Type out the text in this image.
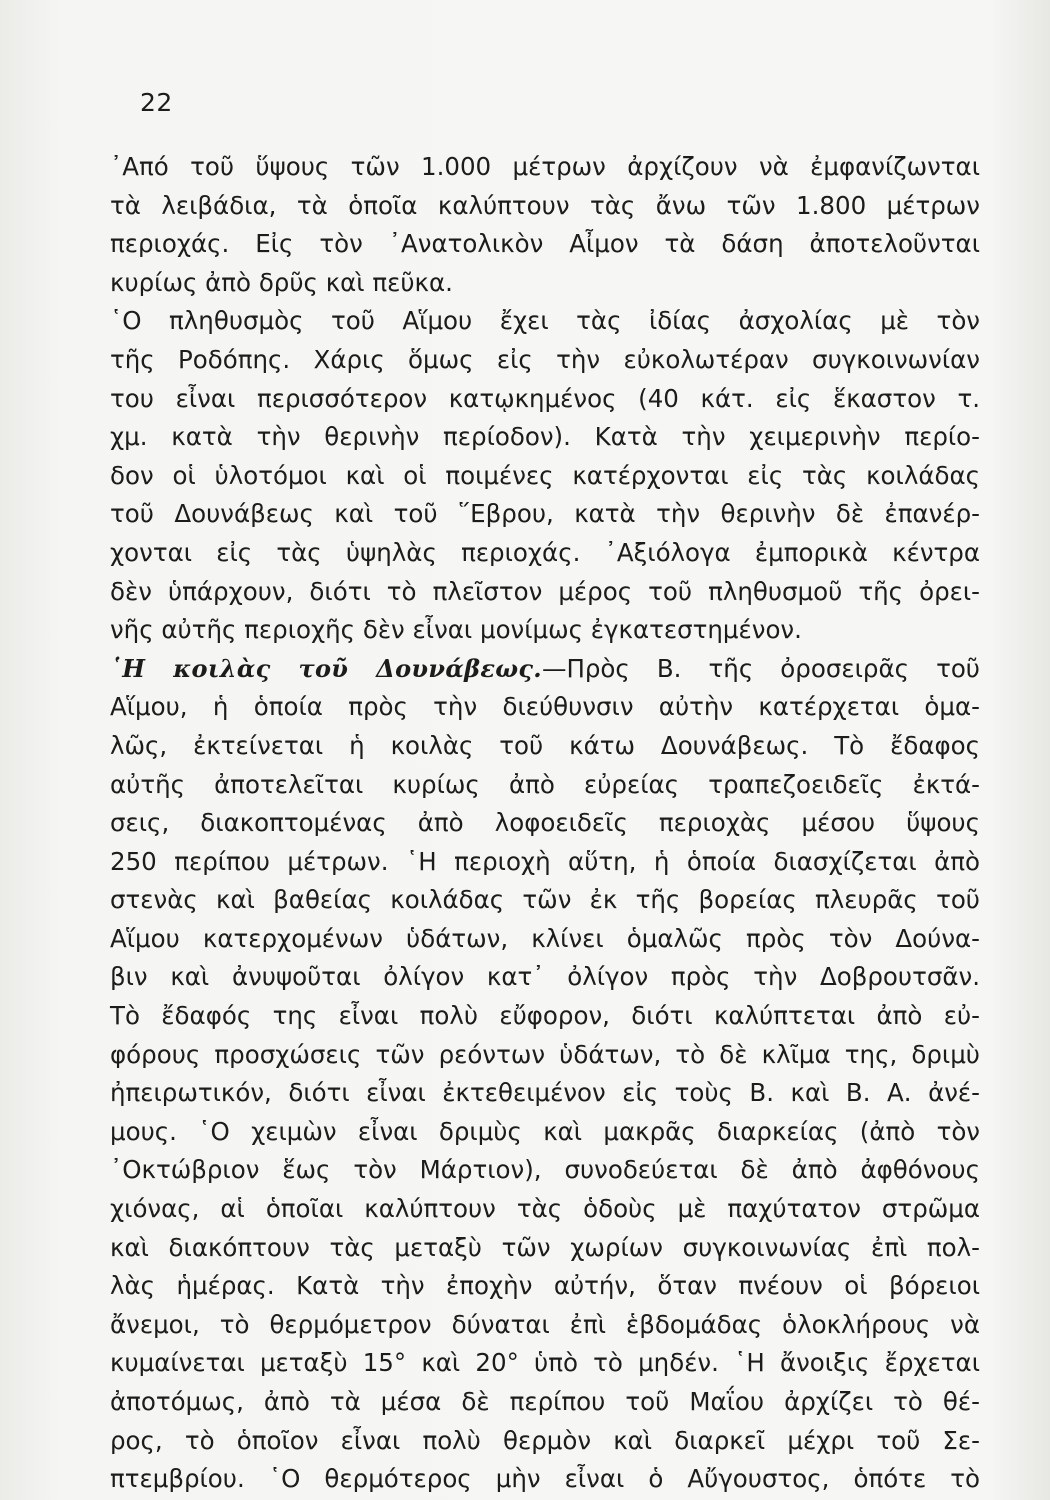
22
᾿Από τοῦ ὕψους τῶν 1.000 μέτρων ἀρχίζουν νὰ ἐμφανίζωνται
τὰ λειβάδια, τὰ ὁποῖα καλύπτουν τὰς ἄνω τῶν 1.800 μέτρων
περιοχάς. Εἰς τὸν ᾿Ανατολικὸν Αἶμον τὰ δάση ἀποτελοῦνται
κυρίως ἀπὸ δρῦς καὶ πεῦκα.
῾Ο πληθυσμὸς τοῦ Αἵμου ἔχει τὰς ἰδίας ἀσχολίας μὲ τὸν
τῆς Ροδόπης. Χάρις ὅμως εἰς τὴν εὐκολωτέραν συγκοινωνίαν
του εἶναι περισσότερον κατῳκημένος (40 κάτ. εἰς ἕκαστον τ.
χμ. κατὰ τὴν θερινὴν περίοδον). Κατὰ τὴν χειμερινὴν περίο-
δον οἱ ὑλοτόμοι καὶ οἱ ποιμένες κατέρχονται εἰς τὰς κοιλάδας
τοῦ Δουνάβεως καὶ τοῦ ῞Εβρου, κατὰ τὴν θερινὴν δὲ ἐπανέρ-
χονται εἰς τὰς ὑψηλὰς περιοχάς. ᾿Αξιόλογα ἐμπορικὰ κέντρα
δὲν ὑπάρχουν, διότι τὸ πλεῖστον μέρος τοῦ πληθυσμοῦ τῆς ὀρει-
νῆς αὐτῆς περιοχῆς δὲν εἶναι μονίμως ἐγκατεστημένον.
῾Η κοιλὰς τοῦ Δουνάβεως.—Πρὸς Β. τῆς ὀροσειρᾶς τοῦ
Αἵμου, ἡ ὁποία πρὸς τὴν διεύθυνσιν αὐτὴν κατέρχεται ὁμα-
λῶς, ἐκτείνεται ἡ κοιλὰς τοῦ κάτω Δουνάβεως. Τὸ ἔδαφος
αὐτῆς ἀποτελεῖται κυρίως ἀπὸ εὐρείας τραπεζοειδεῖς ἐκτά-
σεις, διακοπτομένας ἀπὸ λοφοειδεῖς περιοχὰς μέσου ὕψους
250 περίπου μέτρων. ῾Η περιοχὴ αὕτη, ἡ ὁποία διασχίζεται ἀπὸ
στενὰς καὶ βαθείας κοιλάδας τῶν ἐκ τῆς βορείας πλευρᾶς τοῦ
Αἵμου κατερχομένων ὑδάτων, κλίνει ὁμαλῶς πρὸς τὸν Δούνα-
βιν καὶ ἀνυψοῦται ὀλίγον κατ᾿ ὀλίγον πρὸς τὴν Δοβρουτσᾶν.
Τὸ ἔδαφός της εἶναι πολὺ εὔφορον, διότι καλύπτεται ἀπὸ εὐ-
φόρους προσχώσεις τῶν ρεόντων ὑδάτων, τὸ δὲ κλῖμα της, δριμὺ
ἠπειρωτικόν, διότι εἶναι ἐκτεθειμένον εἰς τοὺς Β. καὶ Β. Α. ἀνέ-
μους. ῾Ο χειμὼν εἶναι δριμὺς καὶ μακρᾶς διαρκείας (ἀπὸ τὸν
᾿Οκτώβριον ἕως τὸν Μάρτιον), συνοδεύεται δὲ ἀπὸ ἀφθόνους
χιόνας, αἱ ὁποῖαι καλύπτουν τὰς ὁδοὺς μὲ παχύτατον στρῶμα
καὶ διακόπτουν τὰς μεταξὺ τῶν χωρίων συγκοινωνίας ἐπὶ πολ-
λὰς ἡμέρας. Κατὰ τὴν ἐποχὴν αὐτήν, ὅταν πνέουν οἱ βόρειοι
ἄνεμοι, τὸ θερμόμετρον δύναται ἐπὶ ἑβδομάδας ὁλοκλήρους νὰ
κυμαίνεται μεταξὺ 15° καὶ 20° ὑπὸ τὸ μηδέν. ῾Η ἄνοιξις ἔρχεται
ἀποτόμως, ἀπὸ τὰ μέσα δὲ περίπου τοῦ Μαΐου ἀρχίζει τὸ θέ-
ρος, τὸ ὁποῖον εἶναι πολὺ θερμὸν καὶ διαρκεῖ μέχρι τοῦ Σε-
πτεμβρίου. ῾Ο θερμότερος μὴν εἶναι ὁ Αὔγουστος, ὁπότε τὸ
